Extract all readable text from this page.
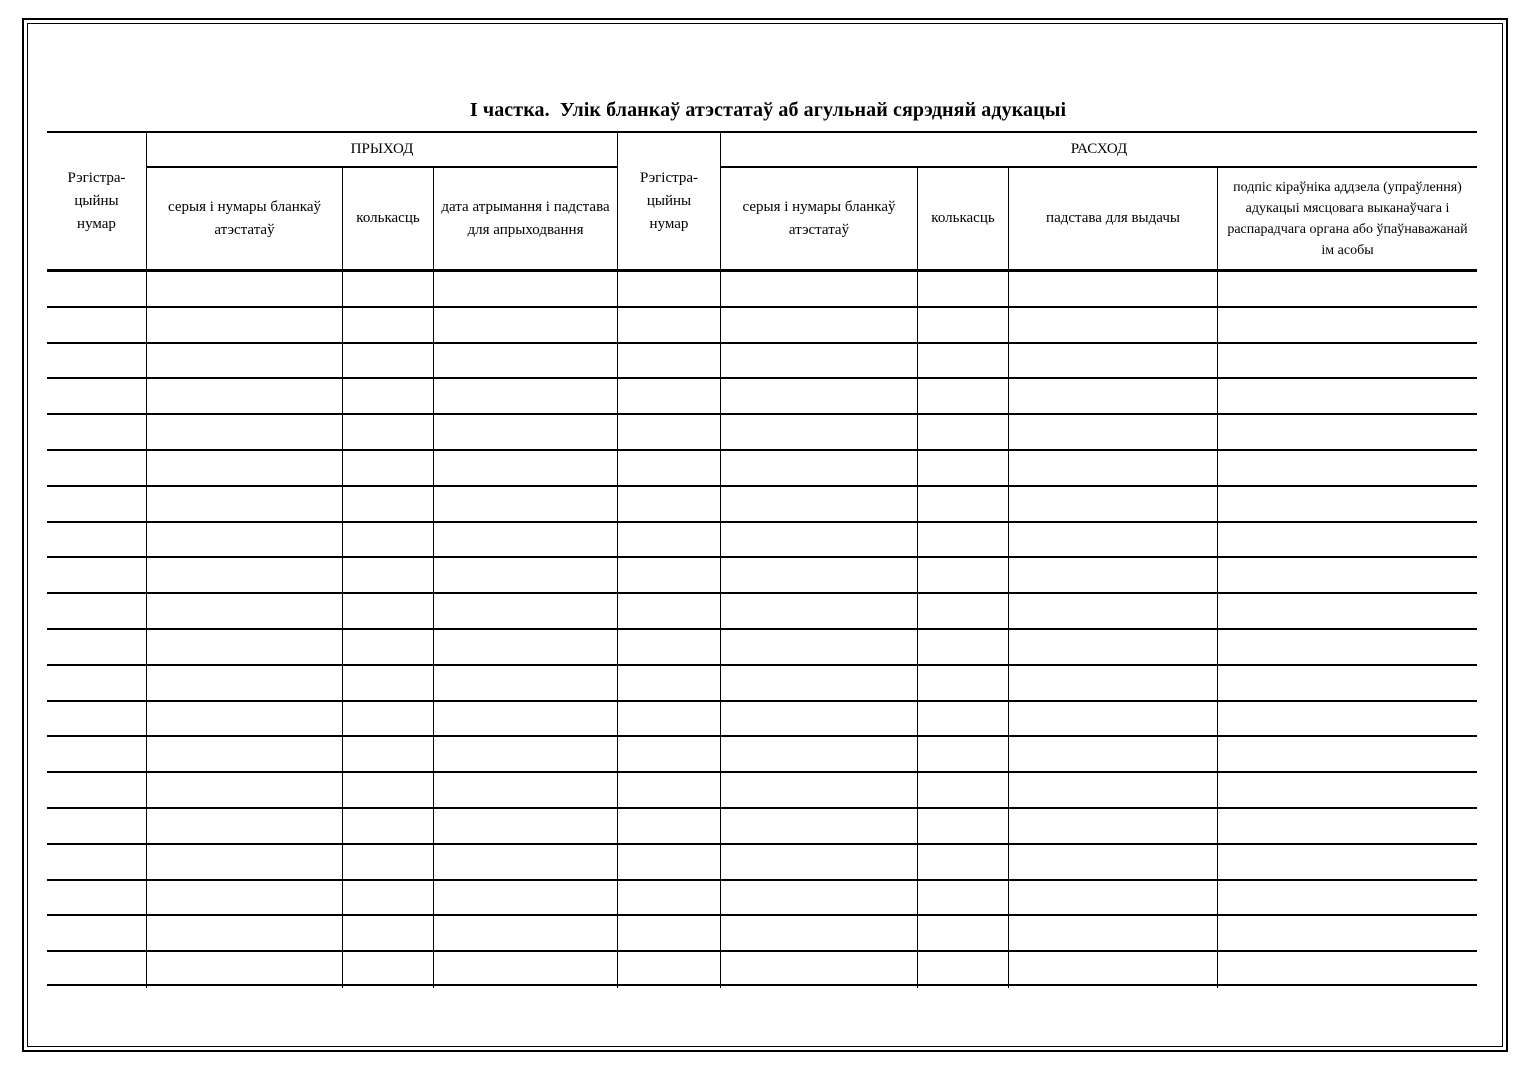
I частка.  Улік бланкаў атэстатаў аб агульнай сярэдняй адукацыі
Рэгістра-
цыйны
нумар
ПРЫХОД
Рэгістра-
цыйны
нумар
РАСХОД
серыя і нумары бланкаў атэстатаў
колькасць
дата атрымання і падстава для апрыходвання
серыя і нумары бланкаў атэстатаў
колькасць	падстава для выдачы
подпіс кіраўніка аддзела (упраўлення) адукацыі мясцовага выканаўчага і распарадчага органа або ўпаўнаважанай ім асобы
